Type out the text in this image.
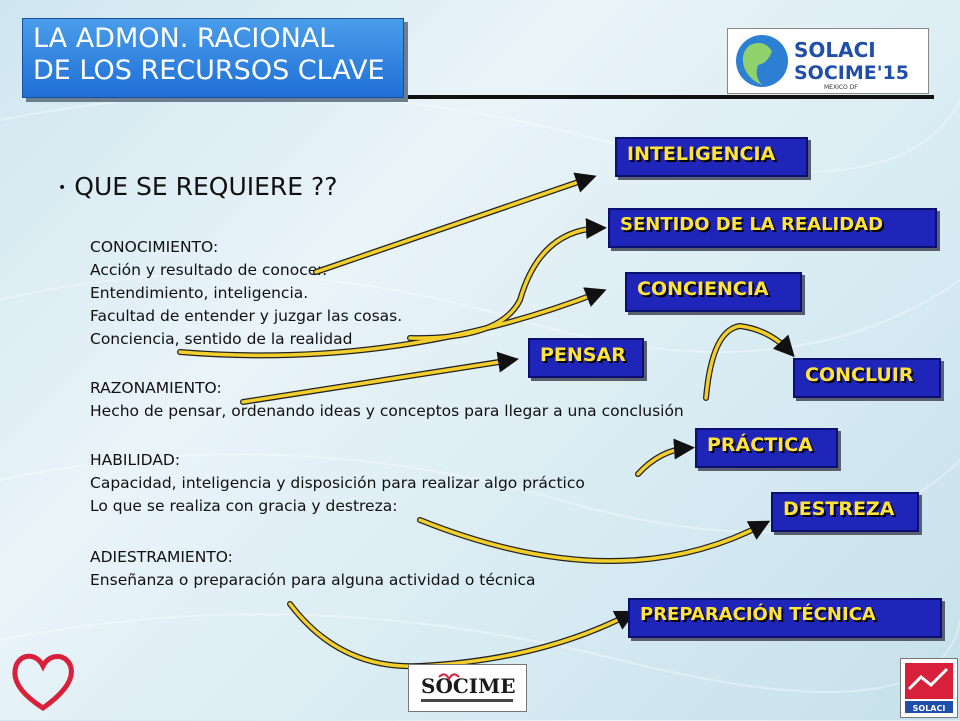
LA ADMON. RACIONAL
DE LOS RECURSOS CLAVE
SOLACI
SOCIME'15
MEXICO DF
• QUE SE REQUIERE ??
CONOCIMIENTO:
Acción y resultado de conocer.
Entendimiento, inteligencia.
Facultad de entender y juzgar las cosas.
Conciencia, sentido de la realidad
RAZONAMIENTO:
Hecho de pensar, ordenando ideas y conceptos para llegar a una conclusión
HABILIDAD:
Capacidad, inteligencia y disposición para realizar algo práctico
Lo que se realiza con gracia y destreza:
ADIESTRAMIENTO:
Enseñanza o preparación para alguna actividad o técnica
INTELIGENCIA
SENTIDO DE LA REALIDAD
CONCIENCIA
PENSAR
CONCLUIR
PRÁCTICA
DESTREZA
PREPARACIÓN TÉCNICA
SOCIME
SOLACI
